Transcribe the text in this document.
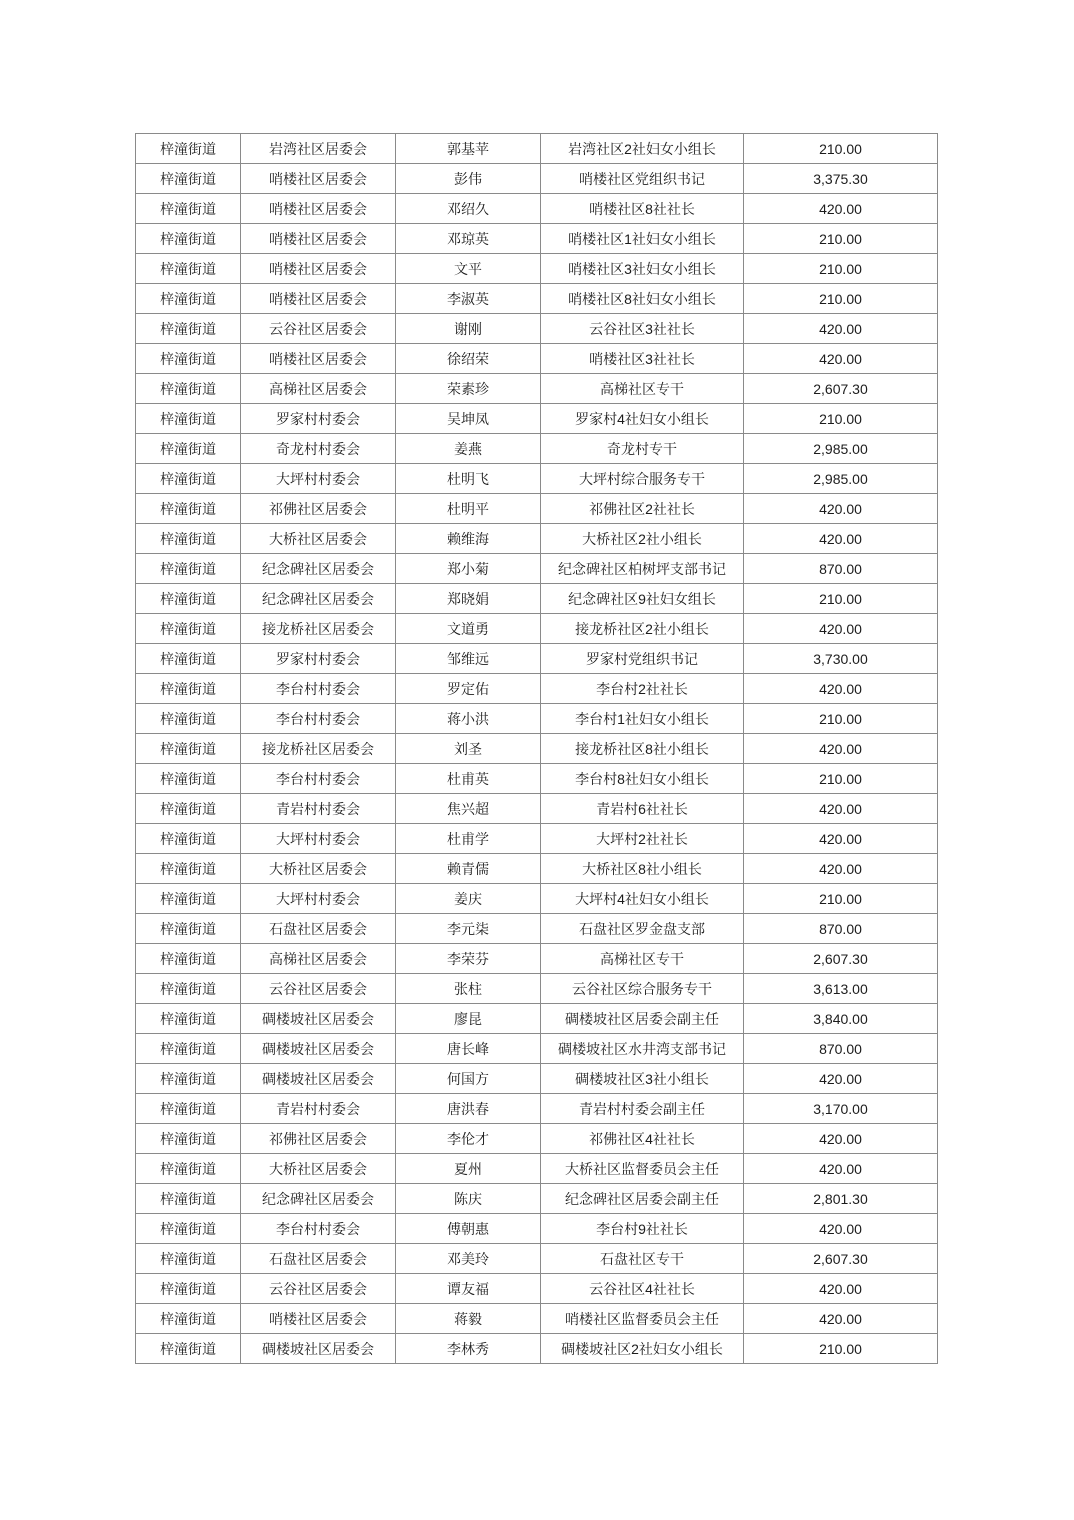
梓潼街道	岩湾社区居委会	郭基苹	岩湾社区2社妇女小组长	210.00
梓潼街道	哨楼社区居委会	彭伟	哨楼社区党组织书记	3,375.30
梓潼街道	哨楼社区居委会	邓绍久	哨楼社区8社社长	420.00
梓潼街道	哨楼社区居委会	邓琼英	哨楼社区1社妇女小组长	210.00
梓潼街道	哨楼社区居委会	文平	哨楼社区3社妇女小组长	210.00
梓潼街道	哨楼社区居委会	李淑英	哨楼社区8社妇女小组长	210.00
梓潼街道	云谷社区居委会	谢刚	云谷社区3社社长	420.00
梓潼街道	哨楼社区居委会	徐绍荣	哨楼社区3社社长	420.00
梓潼街道	高梯社区居委会	荣素珍	高梯社区专干	2,607.30
梓潼街道	罗家村村委会	吴坤凤	罗家村4社妇女小组长	210.00
梓潼街道	奇龙村村委会	姜燕	奇龙村专干	2,985.00
梓潼街道	大坪村村委会	杜明飞	大坪村综合服务专干	2,985.00
梓潼街道	祁佛社区居委会	杜明平	祁佛社区2社社长	420.00
梓潼街道	大桥社区居委会	赖维海	大桥社区2社小组长	420.00
梓潼街道	纪念碑社区居委会	郑小菊	纪念碑社区柏树坪支部书记	870.00
梓潼街道	纪念碑社区居委会	郑晓娟	纪念碑社区9社妇女组长	210.00
梓潼街道	接龙桥社区居委会	文道勇	接龙桥社区2社小组长	420.00
梓潼街道	罗家村村委会	邹维远	罗家村党组织书记	3,730.00
梓潼街道	李台村村委会	罗定佑	李台村2社社长	420.00
梓潼街道	李台村村委会	蒋小洪	李台村1社妇女小组长	210.00
梓潼街道	接龙桥社区居委会	刘圣	接龙桥社区8社小组长	420.00
梓潼街道	李台村村委会	杜甫英	李台村8社妇女小组长	210.00
梓潼街道	青岩村村委会	焦兴超	青岩村6社社长	420.00
梓潼街道	大坪村村委会	杜甫学	大坪村2社社长	420.00
梓潼街道	大桥社区居委会	赖青儒	大桥社区8社小组长	420.00
梓潼街道	大坪村村委会	姜庆	大坪村4社妇女小组长	210.00
梓潼街道	石盘社区居委会	李元柒	石盘社区罗金盘支部	870.00
梓潼街道	高梯社区居委会	李荣芬	高梯社区专干	2,607.30
梓潼街道	云谷社区居委会	张柱	云谷社区综合服务专干	3,613.00
梓潼街道	碉楼坡社区居委会	廖昆	碉楼坡社区居委会副主任	3,840.00
梓潼街道	碉楼坡社区居委会	唐长峰	碉楼坡社区水井湾支部书记	870.00
梓潼街道	碉楼坡社区居委会	何国方	碉楼坡社区3社小组长	420.00
梓潼街道	青岩村村委会	唐洪春	青岩村村委会副主任	3,170.00
梓潼街道	祁佛社区居委会	李伦才	祁佛社区4社社长	420.00
梓潼街道	大桥社区居委会	夏州	大桥社区监督委员会主任	420.00
梓潼街道	纪念碑社区居委会	陈庆	纪念碑社区居委会副主任	2,801.30
梓潼街道	李台村村委会	傅朝惠	李台村9社社长	420.00
梓潼街道	石盘社区居委会	邓美玲	石盘社区专干	2,607.30
梓潼街道	云谷社区居委会	谭友福	云谷社区4社社长	420.00
梓潼街道	哨楼社区居委会	蒋毅	哨楼社区监督委员会主任	420.00
梓潼街道	碉楼坡社区居委会	李林秀	碉楼坡社区2社妇女小组长	210.00
